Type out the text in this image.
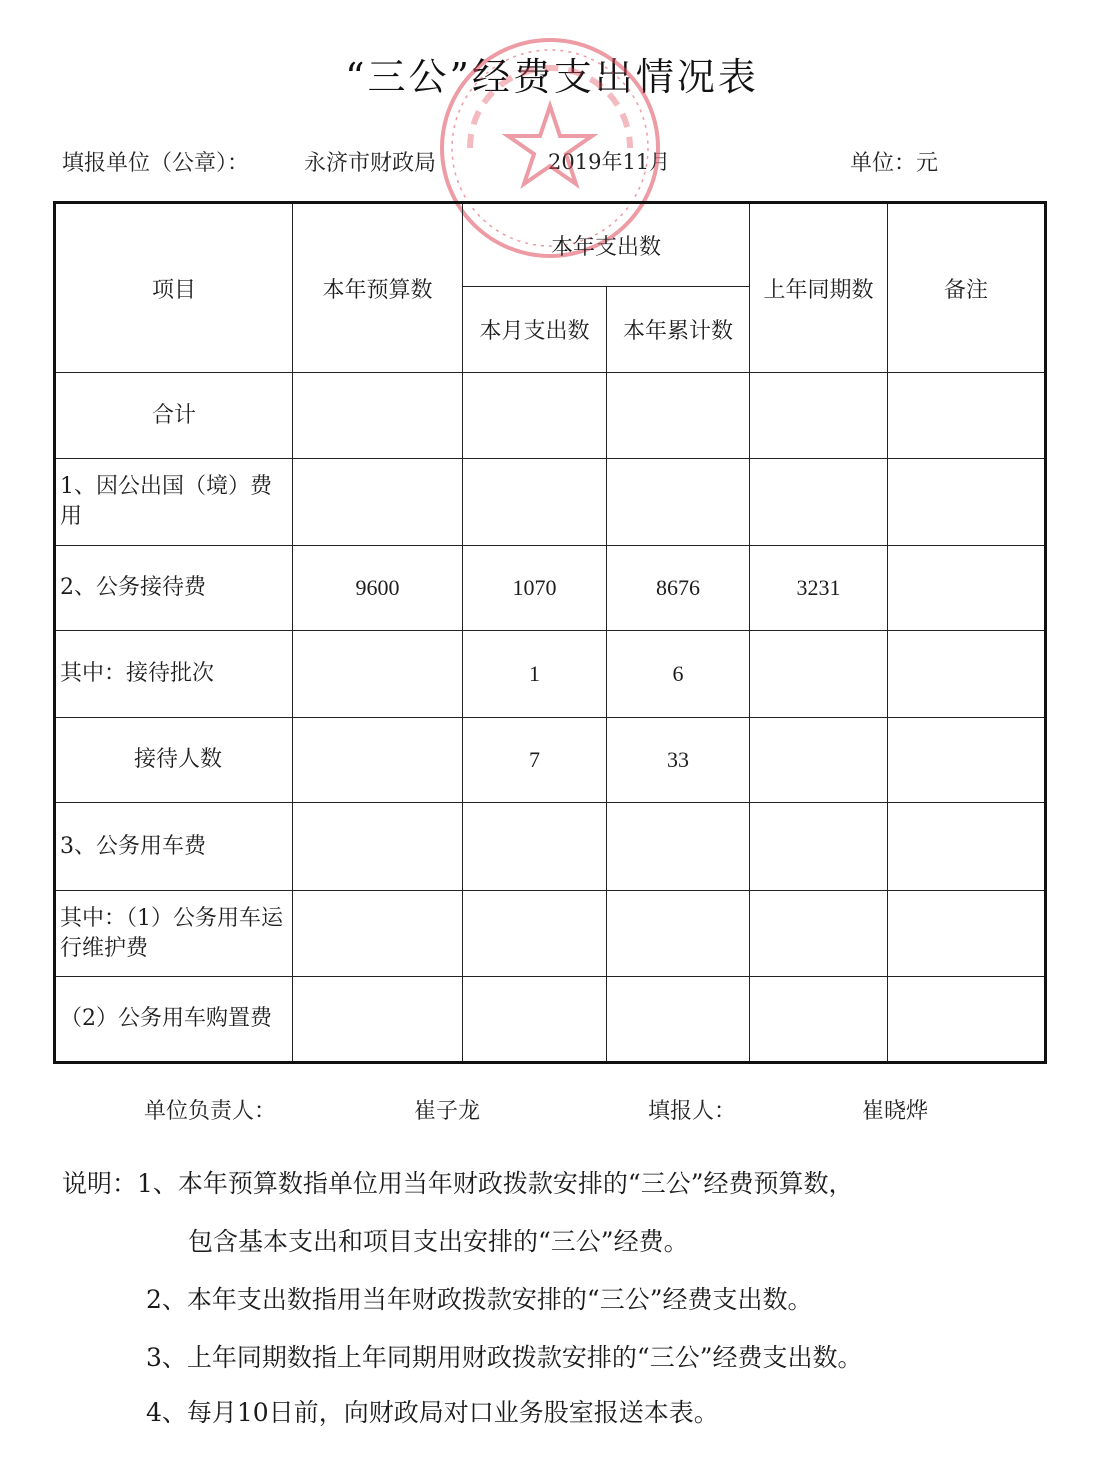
“三公”经费支出情况表
填报单位（公章）： 永济市财政局	2019年11月	单位：元
项目	本年预算数	本年支出数		上年同期数	备注
		本月支出数	本年累计数		
合计					
1、因公出国（境）费用					
2、公务接待费	9600	1070	8676	3231	
其中：接待批次		1	6		
接待人数		7	33		
3、公务用车费					
其中：（1）公务用车运行维护费					
（2）公务用车购置费					
单位负责人：	崔子龙	填报人：	崔晓烨
说明：1、本年预算数指单位用当年财政拨款安排的“三公”经费预算数，
包含基本支出和项目支出安排的“三公”经费。
2、本年支出数指用当年财政拨款安排的“三公”经费支出数。
3、上年同期数指上年同期用财政拨款安排的“三公”经费支出数。
4、每月10日前，向财政局对口业务股室报送本表。
